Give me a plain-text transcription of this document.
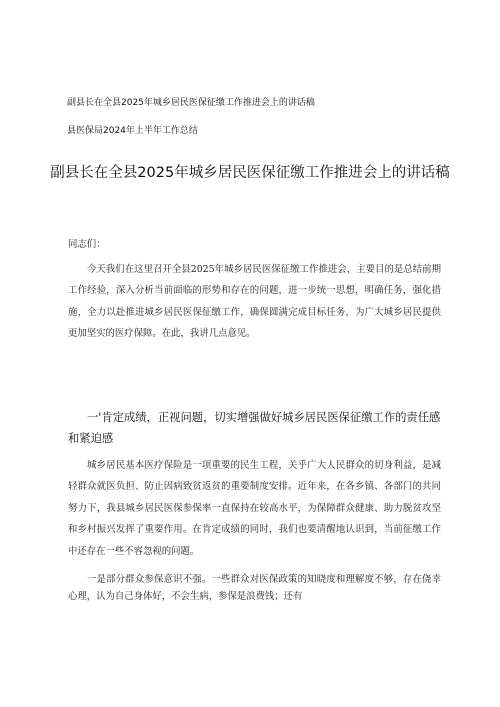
副县长在全县2025年城乡居民医保征缴工作推进会上的讲话稿
县医保局2024年上半年工作总结
副县长在全县2025年城乡居民医保征缴工作推进会上的讲话稿

同志们：

今天我们在这里召开全县2025年城乡居民医保征缴工作推进会，主要目的是总结前期工作经验，深入分析当前面临的形势和存在的问题，进一步统一思想，明确任务，强化措施，全力以赴推进城乡居民医保征缴工作，确保圆满完成目标任务，为广大城乡居民提供更加坚实的医疗保障。在此，我讲几点意见。

一'肯定成绩，正视问题，切实增强做好城乡居民医保征缴工作的责任感和紧迫感

城乡居民基本医疗保险是一项重要的民生工程，关乎广大人民群众的切身利益，是减轻群众就医负担、防止因病致贫返贫的重要制度安排。近年来，在各乡镇、各部门的共同努力下，我县城乡居民医保参保率一直保持在较高水平，为保障群众健康、助力脱贫攻坚和乡村振兴发挥了重要作用。在肯定成绩的同时，我们也要清醒地认识到，当前征缴工作中还存在一些不容忽视的问题。

一是部分群众参保意识不强。一些群众对医保政策的知晓度和理解度不够，存在侥幸心理，认为自己身体好，不会生病，参保是浪费钱；还有
